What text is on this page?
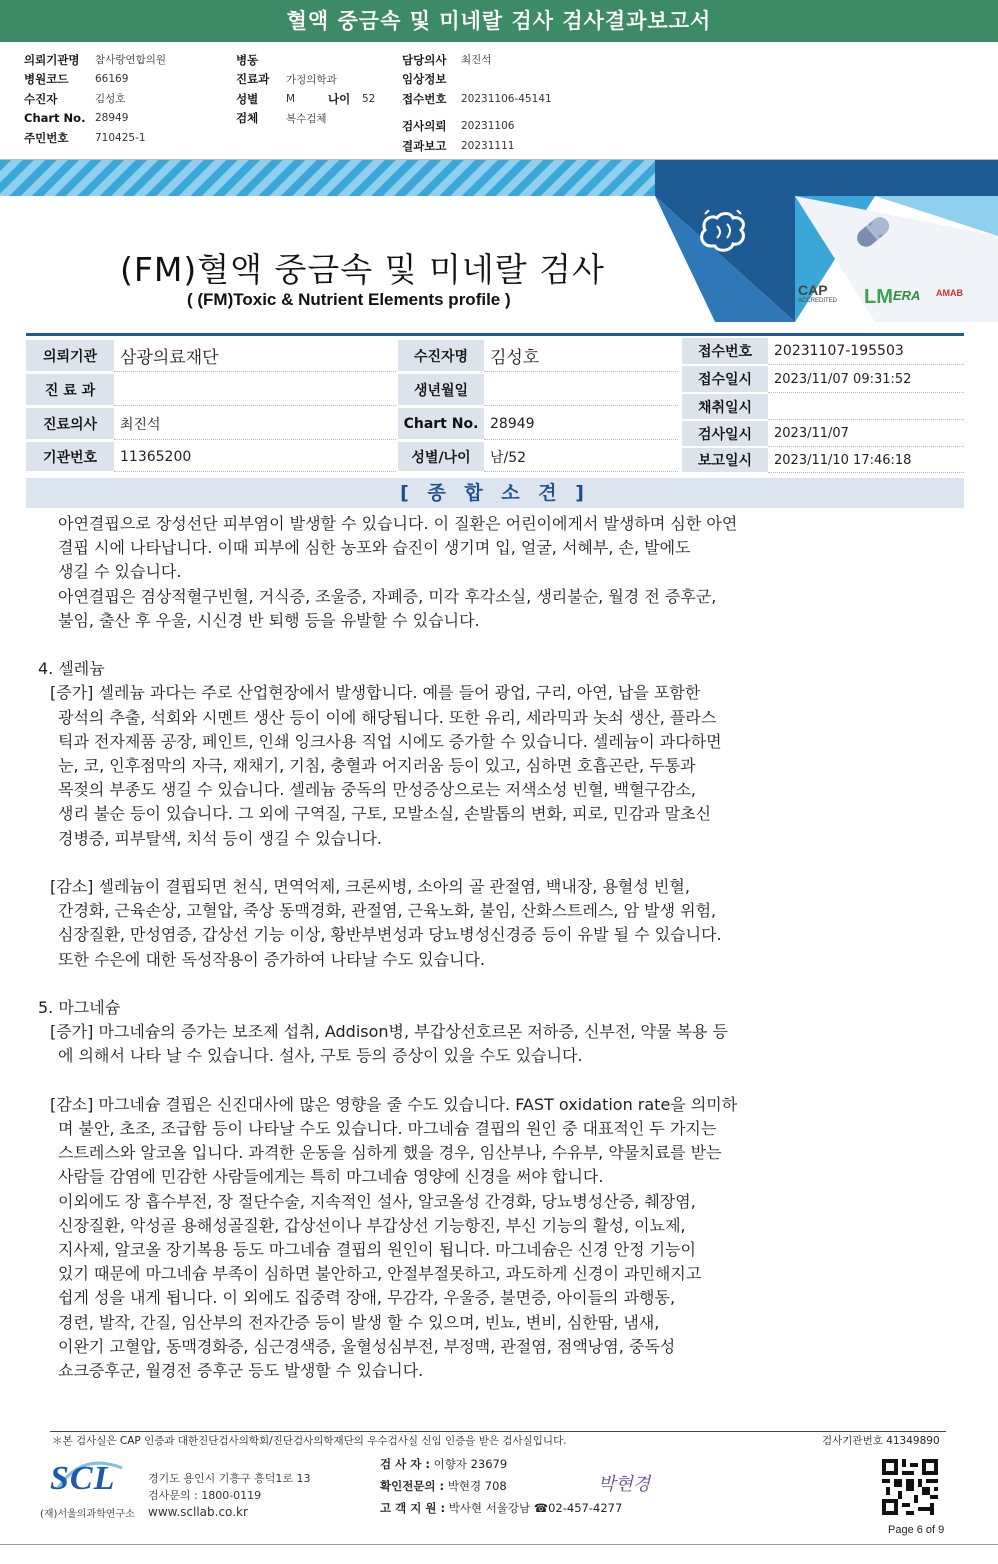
혈액 중금속 및 미네랄 검사 검사결과보고서
의뢰기관명	참사랑연합의원
병원코드	66169
수진자	김성호
Chart No. 28949
주민번호	710425-1
병동
진료과	가정의학과
성별	M	나이	52
검체	복수검체
담당의사	최진석
임상정보
접수번호	20231106-45141
검사의뢰	20231106
결과보고	20231111
(FM)혈액 중금속 및 미네랄 검사
( (FM)Toxic & Nutrient Elements profile )	CAP
ACCREDITED LM ERA AMAB
의뢰기관	삼광의료재단
진 료 과
진료의사	최진석
기관번호	11365200
수진자명	김성호
생년월일
Chart No. 28949
성별/나이	남/52
접수번호	20231107-195503
접수일시	2023/11/07 09:31:52
채취일시
검사일시	2023/11/07
보고일시	2023/11/10 17:46:18
[ 종 합 소 견 ]
아연결핍으로 장성선단 피부염이 발생할 수 있습니다. 이 질환은 어린이에게서 발생하며 심한 아연
결핍 시에 나타납니다. 이때 피부에 심한 농포와 습진이 생기며 입, 얼굴, 서혜부, 손, 발에도
생길 수 있습니다.
아연결핍은 겸상적혈구빈혈, 거식증, 조울증, 자폐증, 미각 후각소실, 생리불순, 월경 전 증후군,
불임, 출산 후 우울, 시신경 반 퇴행 등을 유발할 수 있습니다.
4. 셀레늄
[증가] 셀레늄 과다는 주로 산업현장에서 발생합니다. 예를 들어 광업, 구리, 아연, 납을 포함한
광석의 추출, 석회와 시멘트 생산 등이 이에 해당됩니다. 또한 유리, 세라믹과 놋쇠 생산, 플라스
틱과 전자제품 공장, 페인트, 인쇄 잉크사용 직업 시에도 증가할 수 있습니다. 셀레늄이 과다하면
눈, 코, 인후점막의 자극, 재채기, 기침, 충혈과 어지러움 등이 있고, 심하면 호흡곤란, 두통과
목젖의 부종도 생길 수 있습니다. 셀레늄 중독의 만성증상으로는 저색소성 빈혈, 백혈구감소,
생리 불순 등이 있습니다. 그 외에 구역질, 구토, 모발소실, 손발톱의 변화, 피로, 민감과 말초신
경병증, 피부탈색, 치석 등이 생길 수 있습니다.
[감소] 셀레늄이 결핍되면 천식, 면역억제, 크론씨병, 소아의 골 관절염, 백내장, 용혈성 빈혈,
간경화, 근육손상, 고혈압, 죽상 동맥경화, 관절염, 근육노화, 불임, 산화스트레스, 암 발생 위험,
심장질환, 만성염증, 갑상선 기능 이상, 황반부변성과 당뇨병성신경증 등이 유발 될 수 있습니다.
또한 수은에 대한 독성작용이 증가하여 나타날 수도 있습니다.
5. 마그네슘
[증가] 마그네슘의 증가는 보조제 섭취, Addison병, 부갑상선호르몬 저하증, 신부전, 약물 복용 등
에 의해서 나타 날 수 있습니다. 설사, 구토 등의 증상이 있을 수도 있습니다.
[감소] 마그네슘 결핍은 신진대사에 많은 영향을 줄 수도 있습니다. FAST oxidation rate을 의미하
며 불안, 초조, 조급함 등이 나타날 수도 있습니다. 마그네슘 결핍의 원인 중 대표적인 두 가지는
스트레스와 알코올 입니다. 과격한 운동을 심하게 했을 경우, 임산부나, 수유부, 약물치료를 받는
사람들 감염에 민감한 사람들에게는 특히 마그네슘 영양에 신경을 써야 합니다.
이외에도 장 흡수부전, 장 절단수술, 지속적인 설사, 알코올성 간경화, 당뇨병성산증, 췌장염,
신장질환, 악성골 용해성골질환, 갑상선이나 부갑상선 기능항진, 부신 기능의 활성, 이뇨제,
지사제, 알코올 장기복용 등도 마그네슘 결핍의 원인이 됩니다. 마그네슘은 신경 안정 기능이
있기 때문에 마그네슘 부족이 심하면 불안하고, 안절부절못하고, 과도하게 신경이 과민해지고
쉽게 성을 내게 됩니다. 이 외에도 집중력 장애, 무감각, 우울증, 불면증, 아이들의 과행동,
경련, 발작, 간질, 임산부의 전자간증 등이 발생 할 수 있으며, 빈뇨, 변비, 심한땀, 냄새,
이완기 고혈압, 동맥경화증, 심근경색증, 울혈성심부전, 부정맥, 관절염, 점액낭염, 중독성
쇼크증후군, 월경전 증후군 등도 발생할 수 있습니다.
＊본 검사실은 CAP 인증과 대한진단검사의학회/진단검사의학재단의 우수검사실 신임 인증을 받은 검사실입니다.	검사기관번호 41349890
SCL
(재)서울의과학연구소
경기도 용인시 기흥구 흥덕1로 13
검사문의 : 1800-0119
www.scllab.co.kr
검 사 자 : 이향자 23679
확인전문의 : 박현경 708
고 객 지 원 : 박사현 서울강남 ☎02-457-4277
박현경
Page 6 of 9
